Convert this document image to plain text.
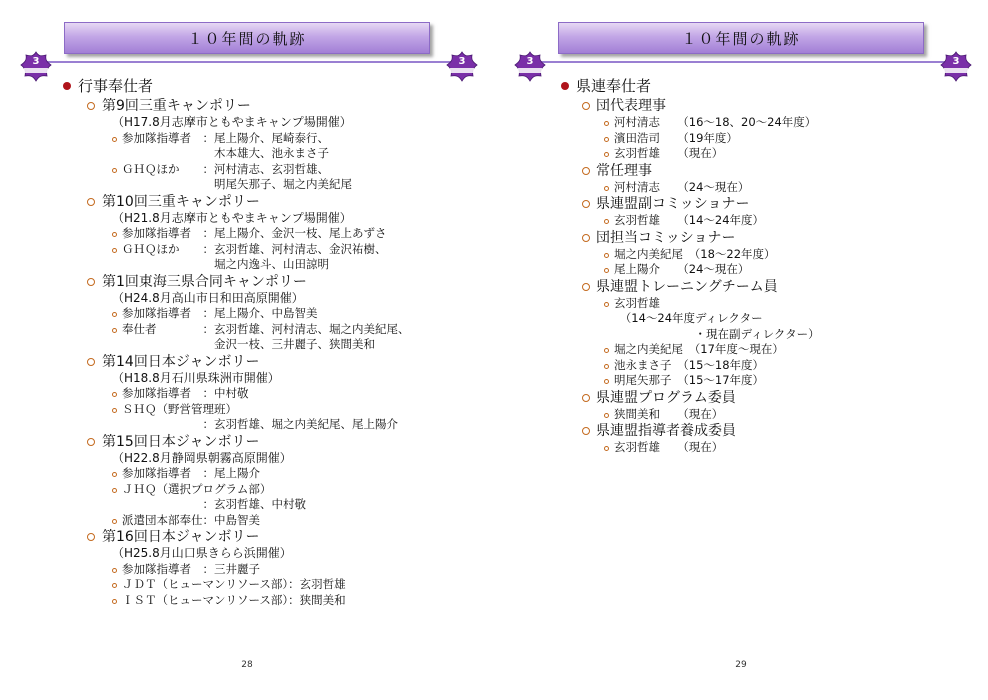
１０年間の軌跡
3	3
行事奉仕者
第9回三重キャンポリー
（H17.8月志摩市ともやまキャンプ場開催）
参加隊指導者　：尾上陽介、尾崎泰行、
　　　　　　　　木本雄大、池永まさ子
ＧＨＱほか　　：河村清志、玄羽哲雄、
　　　　　　　　明尾矢那子、堀之内美紀尾
第10回三重キャンポリー
（H21.8月志摩市ともやまキャンプ場開催）
参加隊指導者　：尾上陽介、金沢一枝、尾上あずさ
ＧＨＱほか　　：玄羽哲雄、河村清志、金沢祐樹、
　　　　　　　　堀之内逸斗、山田諒明
第1回東海三県合同キャンポリー
（H24.8月高山市日和田高原開催）
参加隊指導者　：尾上陽介、中島智美
奉仕者　　　　：玄羽哲雄、河村清志、堀之内美紀尾、
　　　　　　　　金沢一枝、三井麗子、狭間美和
第14回日本ジャンボリー
（H18.8月石川県珠洲市開催）
参加隊指導者　：中村敬
ＳＨＱ（野営管理班）
　　　　　　　：玄羽哲雄、堀之内美紀尾、尾上陽介
第15回日本ジャンボリー
（H22.8月静岡県朝霧高原開催）
参加隊指導者　：尾上陽介
ＪＨＱ（選択プログラム部）
　　　　　　　：玄羽哲雄、中村敬
派遣団本部奉仕：中島智美
第16回日本ジャンボリー
（H25.8月山口県きらら浜開催）
参加隊指導者　：三井麗子
ＪＤＴ（ヒューマンリソース部）：玄羽哲雄
ＩＳＴ（ヒューマンリソース部）：狭間美和
28
１０年間の軌跡
3	3
県連奉仕者
団代表理事
河村清志　　（16～18、20～24年度）
濱田浩司　　（19年度）
玄羽哲雄　　（現在）
常任理事
河村清志　　（24～現在）
県連盟副コミッショナー
玄羽哲雄　　（14～24年度）
団担当コミッショナー
堀之内美紀尾　（18～22年度）
尾上陽介　　（24～現在）
県連盟トレーニングチーム員
玄羽哲雄
　（14～24年度ディレクター
　　　　　　　・現在副ディレクター）
堀之内美紀尾　（17年度～現在）
池永まさ子　（15～18年度）
明尾矢那子　（15～17年度）
県連盟プログラム委員
狭間美和　　（現在）
県連盟指導者養成委員
玄羽哲雄　　（現在）
29
